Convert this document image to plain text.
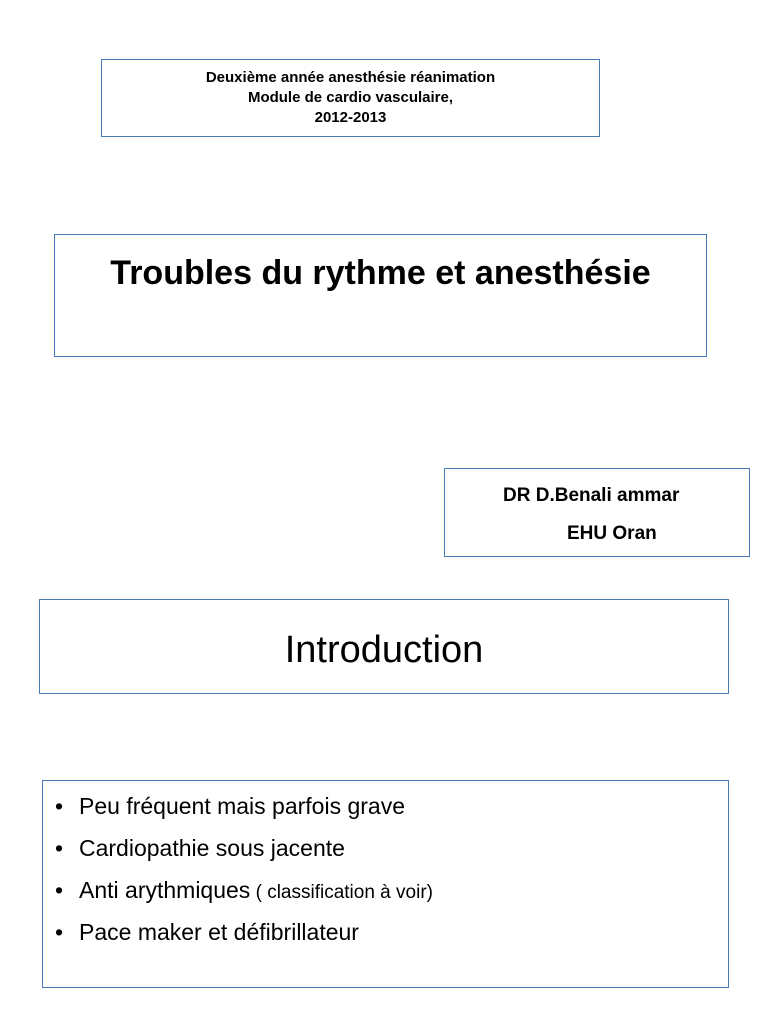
Deuxième année anesthésie réanimation
Module de cardio vasculaire,
2012-2013
Troubles du rythme et anesthésie
DR D.Benali ammar
EHU Oran
Introduction
• Peu fréquent mais parfois grave
• Cardiopathie sous jacente
• Anti arythmiques ( classification à voir)
• Pace maker et défibrillateur
